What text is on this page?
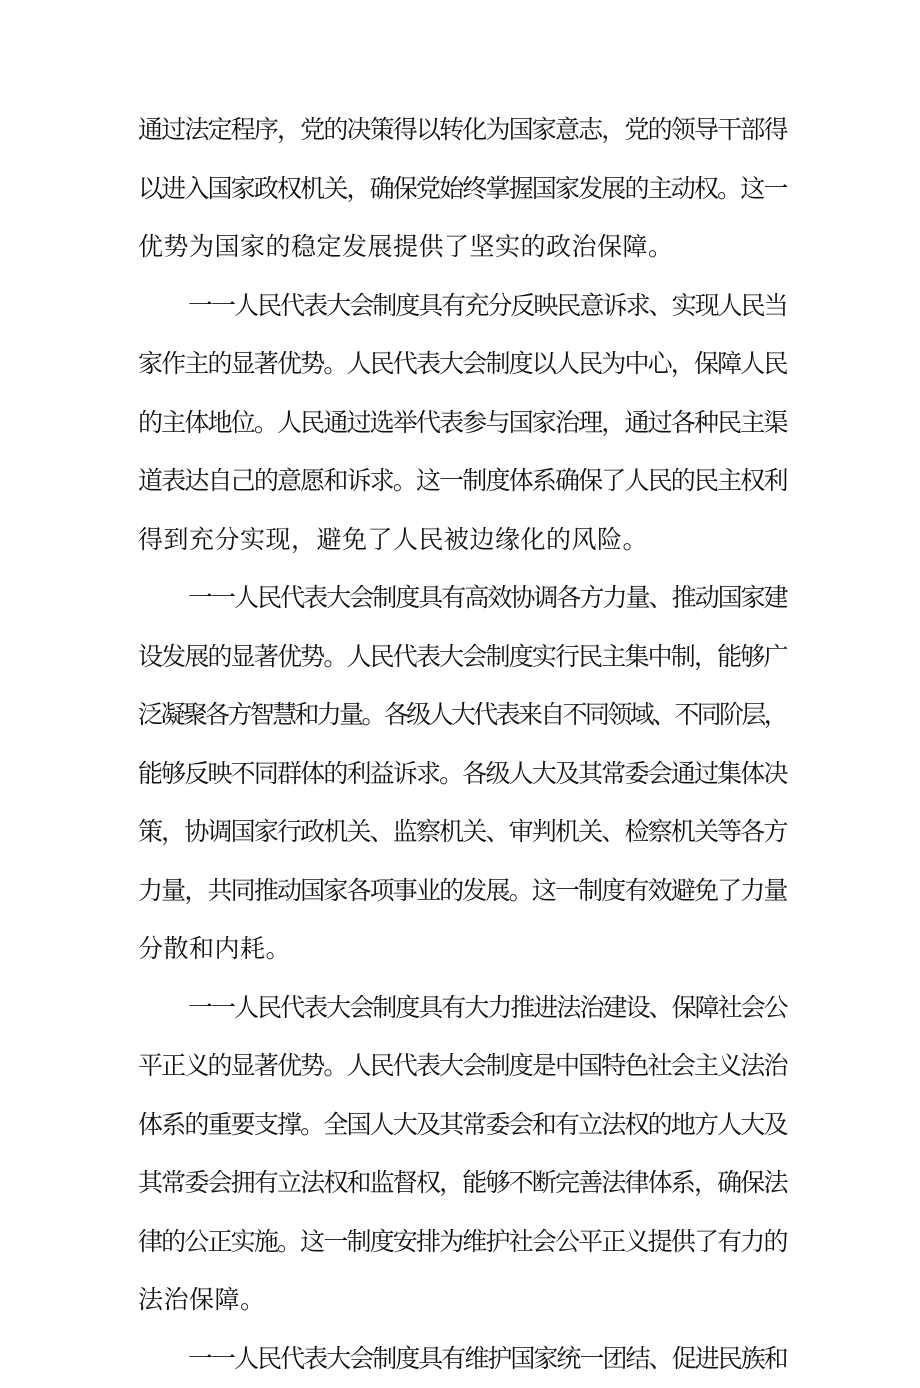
通过法定程序，党的决策得以转化为国家意志，党的领导干部得
以进入国家政权机关，确保党始终掌握国家发展的主动权。这一
优势为国家的稳定发展提供了坚实的政治保障。
一一人民代表大会制度具有充分反映民意诉求、实现人民当
家作主的显著优势。人民代表大会制度以人民为中心，保障人民
的主体地位。人民通过选举代表参与国家治理，通过各种民主渠
道表达自己的意愿和诉求。这一制度体系确保了人民的民主权利
得到充分实现，避免了人民被边缘化的风险。
一一人民代表大会制度具有高效协调各方力量、推动国家建
设发展的显著优势。人民代表大会制度实行民主集中制，能够广
泛凝聚各方智慧和力量。各级人大代表来自不同领域、不同阶层，
能够反映不同群体的利益诉求。各级人大及其常委会通过集体决
策，协调国家行政机关、监察机关、审判机关、检察机关等各方
力量，共同推动国家各项事业的发展。这一制度有效避免了力量
分散和内耗。
一一人民代表大会制度具有大力推进法治建设、保障社会公
平正义的显著优势。人民代表大会制度是中国特色社会主义法治
体系的重要支撑。全国人大及其常委会和有立法权的地方人大及
其常委会拥有立法权和监督权，能够不断完善法律体系，确保法
律的公正实施。这一制度安排为维护社会公平正义提供了有力的
法治保障。
一一人民代表大会制度具有维护国家统一团结、促进民族和
